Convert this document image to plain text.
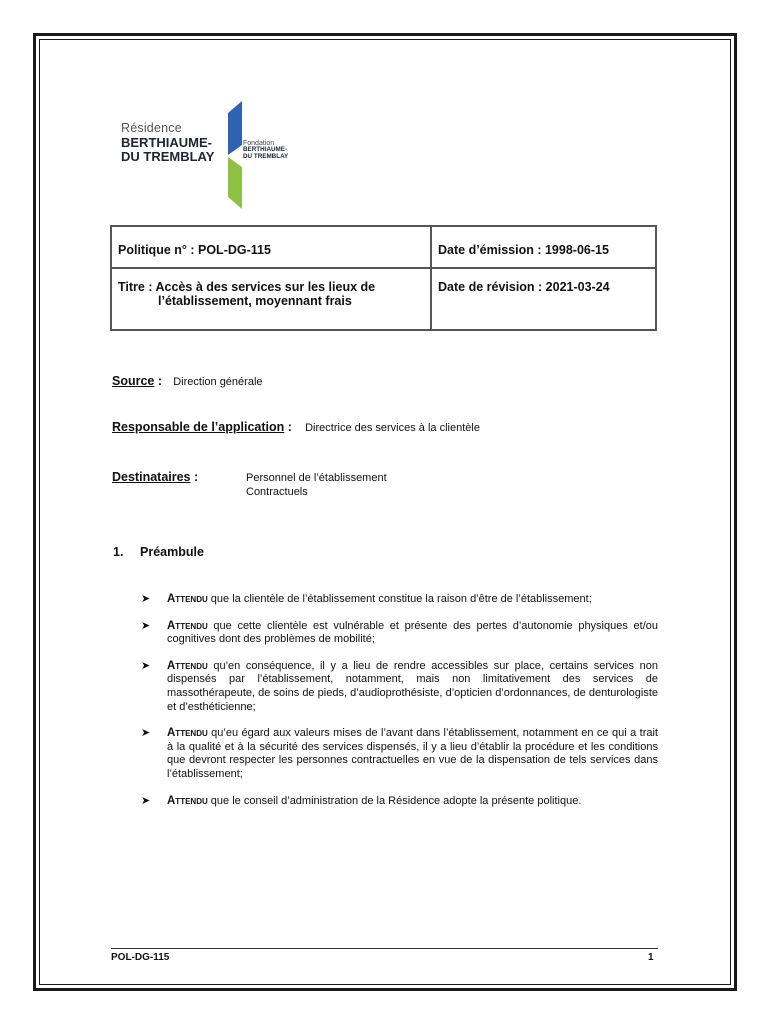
Résidence
BERTHIAUME-
DU TREMBLAY
Fondation
BERTHIAUME-
DU TREMBLAY
Politique n° : POL-DG-115	Date d’émission : 1998-06-15

Titre : Accès à des services sur les lieux de
l’établissement, moyennant frais	Date de révision : 2021-03-24
Source : Direction générale
Responsable de l’application : Directrice des services à la clientèle
Destinataires :	Personnel de l’établissement
Contractuels
1. Préambule
➤ Attendu que la clientèle de l’établissement constitue la raison d’être de l’établissement;
➤ Attendu que cette clientèle est vulnérable et présente des pertes d’autonomie physiques et/ou cognitives dont des problèmes de mobilité;
➤ Attendu qu’en conséquence, il y a lieu de rendre accessibles sur place, certains services non dispensés par l’établissement, notamment, mais non limitativement des services de massothérapeute, de soins de pieds, d’audioprothésiste, d’opticien d’ordonnances, de denturologiste et d’esthéticienne;
➤ Attendu qu’eu égard aux valeurs mises de l’avant dans l’établissement, notamment en ce qui a trait à la qualité et à la sécurité des services dispensés, il y a lieu d’établir la procédure et les conditions que devront respecter les personnes contractuelles en vue de la dispensation de tels services dans l’établissement;
➤ Attendu que le conseil d’administration de la Résidence adopte la présente politique.
POL-DG-115	1
